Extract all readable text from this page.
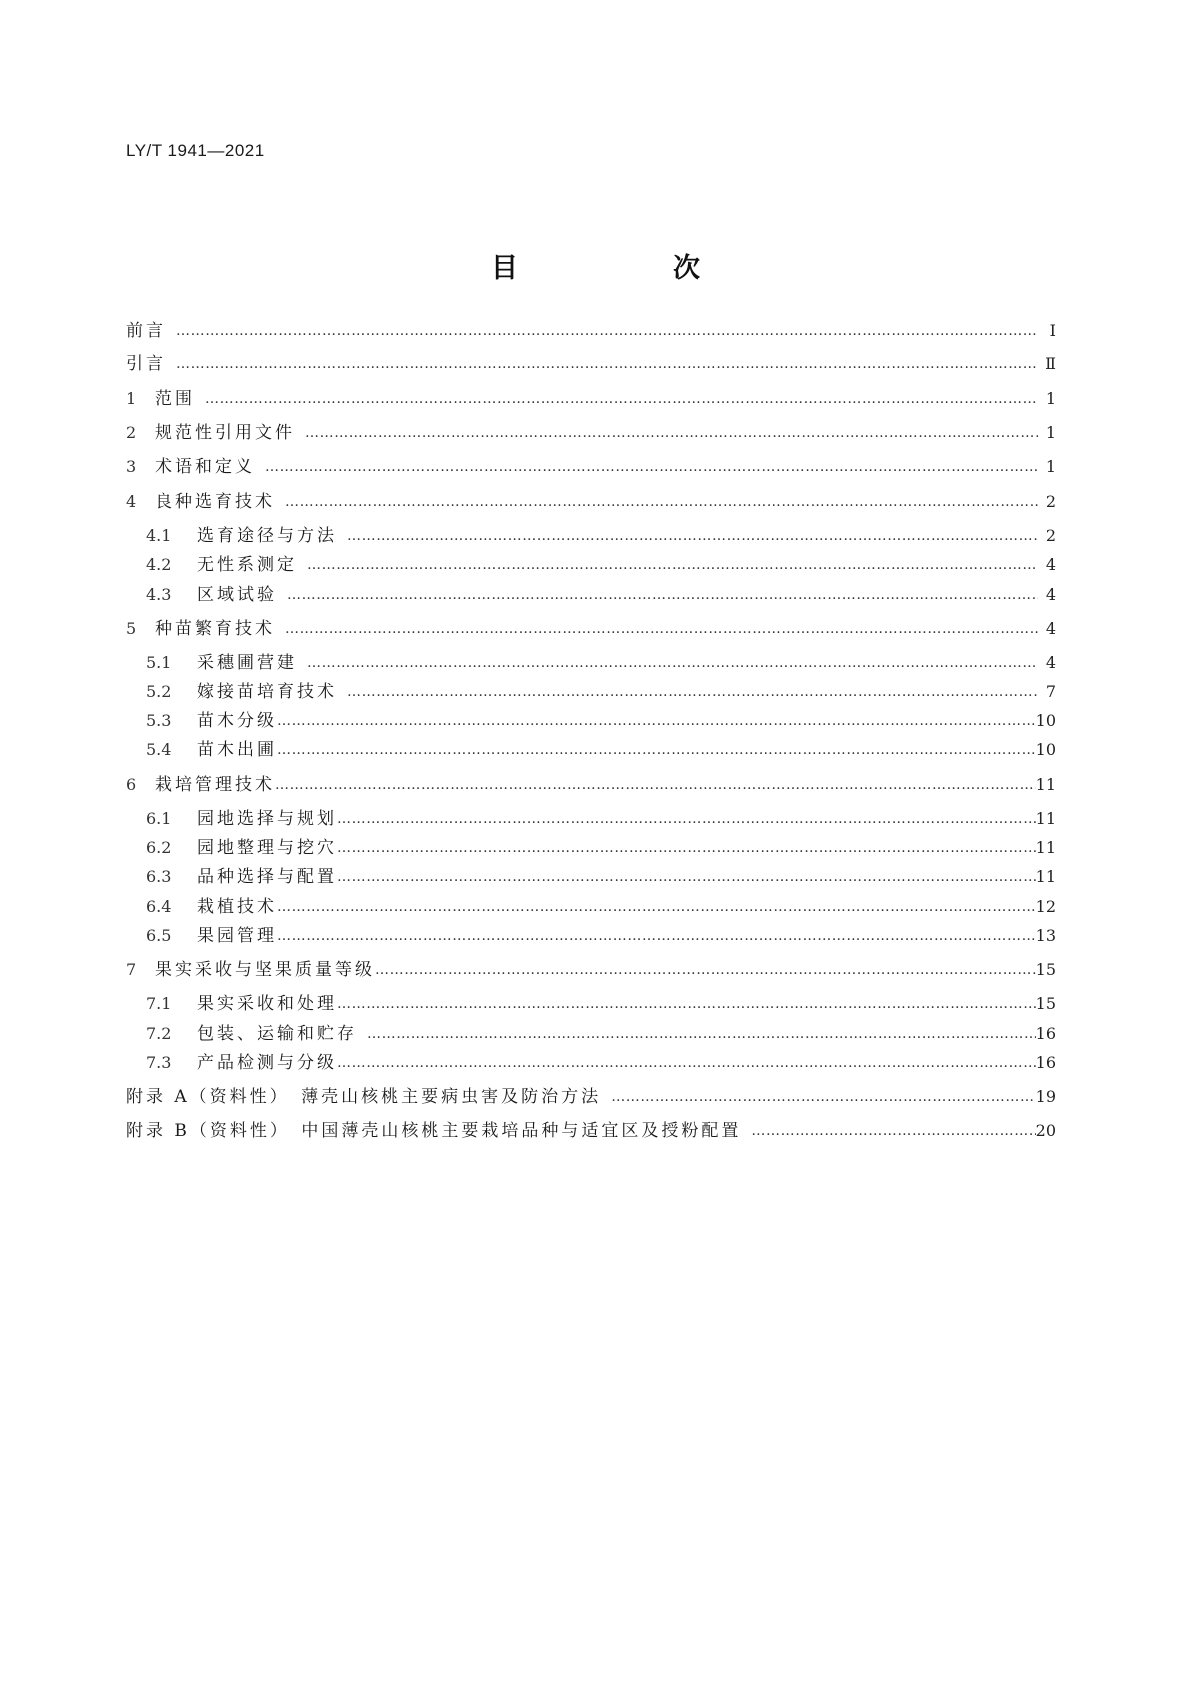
LY/T 1941—2021
目　次
前言 ………………………………………………………………………………………………………………………………………………………………………………………………………………………………………………………………………………	Ⅰ
引言 ………………………………………………………………………………………………………………………………………………………………………………………………………………………………………………………………………………	Ⅱ
1	范围 ………………………………………………………………………………………………………………………………………………………………………………………………………………………………………………………………………………	1
2	规范性引用文件 ………………………………………………………………………………………………………………………………………………………………………………………………………………………………………………………………………………	1
3	术语和定义 ………………………………………………………………………………………………………………………………………………………………………………………………………………………………………………………………………………	1
4	良种选育技术 ………………………………………………………………………………………………………………………………………………………………………………………………………………………………………………………………………………	2
4.1	选育途径与方法 ………………………………………………………………………………………………………………………………………………………………………………………………………………………………………………………………………………	2
4.2	无性系测定 ………………………………………………………………………………………………………………………………………………………………………………………………………………………………………………………………………………	4
4.3	区域试验 ………………………………………………………………………………………………………………………………………………………………………………………………………………………………………………………………………………	4
5	种苗繁育技术 ………………………………………………………………………………………………………………………………………………………………………………………………………………………………………………………………………………	4
5.1	采穗圃营建 ………………………………………………………………………………………………………………………………………………………………………………………………………………………………………………………………………………	4
5.2	嫁接苗培育技术 ………………………………………………………………………………………………………………………………………………………………………………………………………………………………………………………………………………	7
5.3	苗木分级 ………………………………………………………………………………………………………………………………………………………………………………………………………………………………………………………………………………	10
5.4	苗木出圃 ………………………………………………………………………………………………………………………………………………………………………………………………………………………………………………………………………………	10
6	栽培管理技术 ………………………………………………………………………………………………………………………………………………………………………………………………………………………………………………………………………………	11
6.1	园地选择与规划 ………………………………………………………………………………………………………………………………………………………………………………………………………………………………………………………………………………	11
6.2	园地整理与挖穴 ………………………………………………………………………………………………………………………………………………………………………………………………………………………………………………………………………………	11
6.3	品种选择与配置 ………………………………………………………………………………………………………………………………………………………………………………………………………………………………………………………………………………	11
6.4	栽植技术 ………………………………………………………………………………………………………………………………………………………………………………………………………………………………………………………………………………	12
6.5	果园管理 ………………………………………………………………………………………………………………………………………………………………………………………………………………………………………………………………………………	13
7	果实采收与坚果质量等级 ………………………………………………………………………………………………………………………………………………………………………………………………………………………………………………………………………………	15
7.1	果实采收和处理 ………………………………………………………………………………………………………………………………………………………………………………………………………………………………………………………………………………	15
7.2	包装、运输和贮存 ………………………………………………………………………………………………………………………………………………………………………………………………………………………………………………………………………………	16
7.3	产品检测与分级 ………………………………………………………………………………………………………………………………………………………………………………………………………………………………………………………………………………	16
附录 A（资料性）　薄壳山核桃主要病虫害及防治方法 ………………………………………………………………………………………………………………………………………………………………………………………………………………………………………………………………………………	19
附录 B（资料性）　中国薄壳山核桃主要栽培品种与适宜区及授粉配置 ………………………………………………………………………………………………………………………………………………………………………………………………………………………………………………………………………………	20
